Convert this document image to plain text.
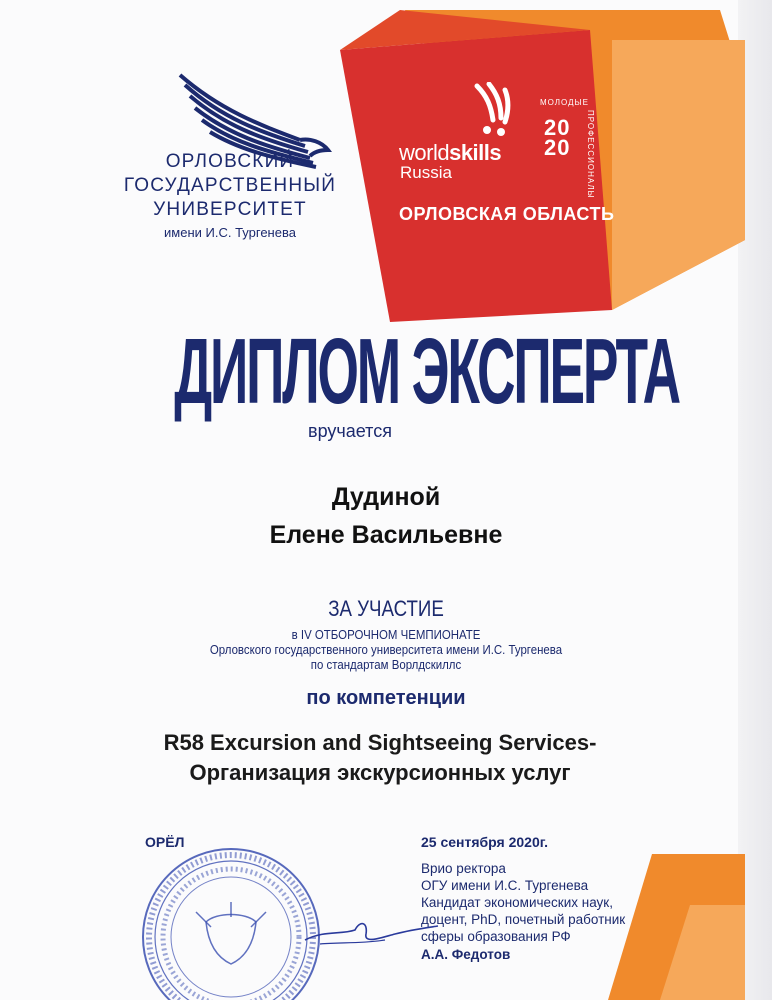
ОРЛОВСКИЙ
ГОСУДАРСТВЕННЫЙ
УНИВЕРСИТЕТ
имени И.С. Тургенева
worldskills
Russia
ОРЛОВСКАЯ ОБЛАСТЬ
МОЛОДЫЕ
ПРОФЕССИОНАЛЫ
20
20
ДИПЛОМ ЭКСПЕРТА
вручается
Дудиной
Елене Васильевне
ЗА УЧАСТИЕ
в IV ОТБОРОЧНОМ ЧЕМПИОНАТЕ
Орловского государственного университета имени И.С. Тургенева
по стандартам Ворлдскиллс
по компетенции
R58 Excursion and Sightseeing Services-
Организация экскурсионных услуг
ОРЁЛ	25 сентября 2020г.
Врио ректора
ОГУ имени И.С. Тургенева
Кандидат экономических наук,
доцент, PhD, почетный работник
сферы образования РФ
А.А. Федотов
